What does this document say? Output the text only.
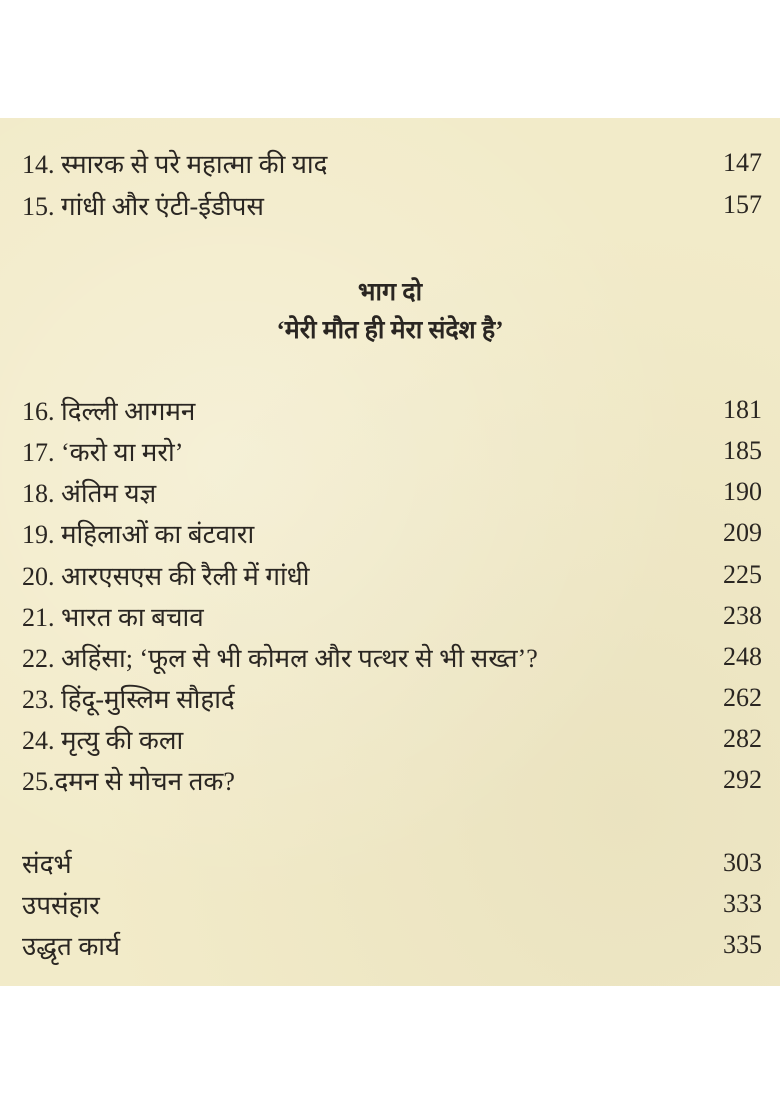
14. स्मारक से परे महात्मा की याद	147
15. गांधी और एंटी-ईडीपस	157
भाग दो
‘मेरी मौत ही मेरा संदेश है’
16. दिल्ली आगमन	181
17. ‘करो या मरो’	185
18. अंतिम यज्ञ	190
19. महिलाओं का बंटवारा	209
20. आरएसएस की रैली में गांधी	225
21. भारत का बचाव	238
22. अहिंसा; ‘फूल से भी कोमल और पत्थर से भी सख्त’?	248
23. हिंदू-मुस्लिम सौहार्द	262
24. मृत्यु की कला	282
25.दमन से मोचन तक?	292
संदर्भ	303
उपसंहार	333
उद्धृत कार्य	335
